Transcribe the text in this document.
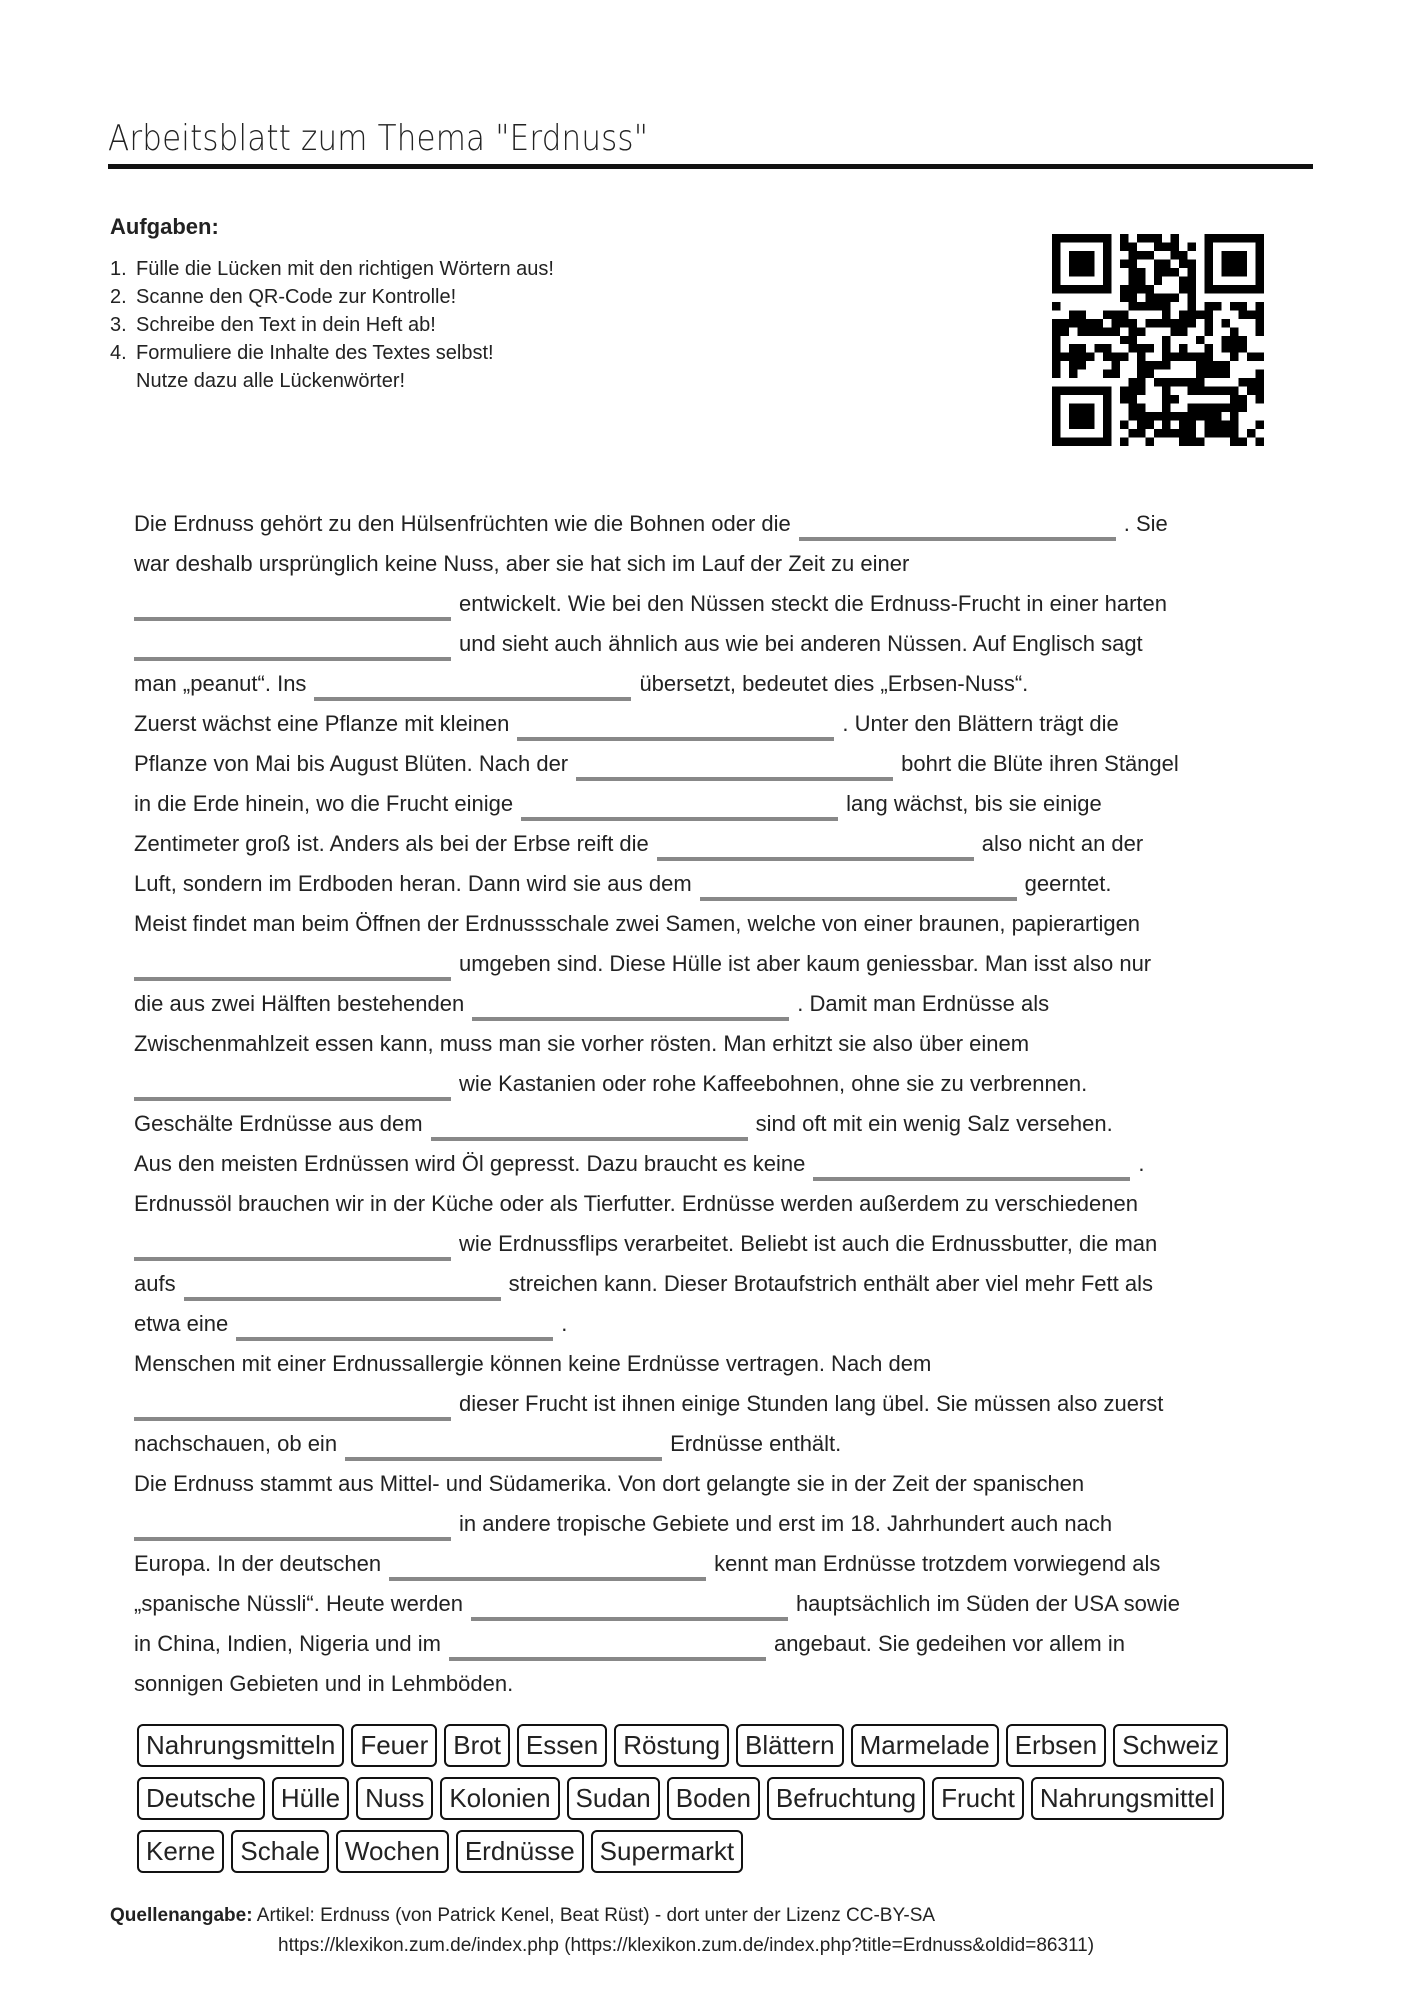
Arbeitsblatt zum Thema "Erdnuss"
Aufgaben:
1. Fülle die Lücken mit den richtigen Wörtern aus!
2. Scanne den QR-Code zur Kontrolle!
3. Schreibe den Text in dein Heft ab!
4. Formuliere die Inhalte des Textes selbst!
Nutze dazu alle Lückenwörter!
Die Erdnuss gehört zu den Hülsenfrüchten wie die Bohnen oder die	. Sie
war deshalb ursprünglich keine Nuss, aber sie hat sich im Lauf der Zeit zu einer
entwickelt. Wie bei den Nüssen steckt die Erdnuss-Frucht in einer harten
und sieht auch ähnlich aus wie bei anderen Nüssen. Auf Englisch sagt
man „peanut“. Ins	übersetzt, bedeutet dies „Erbsen-Nuss“.
Zuerst wächst eine Pflanze mit kleinen	. Unter den Blättern trägt die
Pflanze von Mai bis August Blüten. Nach der	bohrt die Blüte ihren Stängel
in die Erde hinein, wo die Frucht einige	lang wächst, bis sie einige
Zentimeter groß ist. Anders als bei der Erbse reift die	also nicht an der
Luft, sondern im Erdboden heran. Dann wird sie aus dem	geerntet.
Meist findet man beim Öffnen der Erdnussschale zwei Samen, welche von einer braunen, papierartigen
umgeben sind. Diese Hülle ist aber kaum geniessbar. Man isst also nur
die aus zwei Hälften bestehenden	. Damit man Erdnüsse als
Zwischenmahlzeit essen kann, muss man sie vorher rösten. Man erhitzt sie also über einem
wie Kastanien oder rohe Kaffeebohnen, ohne sie zu verbrennen.
Geschälte Erdnüsse aus dem	sind oft mit ein wenig Salz versehen.
Aus den meisten Erdnüssen wird Öl gepresst. Dazu braucht es keine	.
Erdnussöl brauchen wir in der Küche oder als Tierfutter. Erdnüsse werden außerdem zu verschiedenen
wie Erdnussflips verarbeitet. Beliebt ist auch die Erdnussbutter, die man
aufs	streichen kann. Dieser Brotaufstrich enthält aber viel mehr Fett als
etwa eine	.
Menschen mit einer Erdnussallergie können keine Erdnüsse vertragen. Nach dem
dieser Frucht ist ihnen einige Stunden lang übel. Sie müssen also zuerst
nachschauen, ob ein	Erdnüsse enthält.
Die Erdnuss stammt aus Mittel- und Südamerika. Von dort gelangte sie in der Zeit der spanischen
in andere tropische Gebiete und erst im 18. Jahrhundert auch nach
Europa. In der deutschen	kennt man Erdnüsse trotzdem vorwiegend als
„spanische Nüssli“. Heute werden	hauptsächlich im Süden der USA sowie
in China, Indien, Nigeria und im	angebaut. Sie gedeihen vor allem in
sonnigen Gebieten und in Lehmböden.
Nahrungsmitteln Feuer Brot Essen Röstung Blättern Marmelade Erbsen Schweiz
Deutsche Hülle Nuss Kolonien Sudan Boden Befruchtung Frucht Nahrungsmittel
Kerne Schale Wochen Erdnüsse Supermarkt
Quellenangabe: Artikel: Erdnuss (von Patrick Kenel, Beat Rüst) - dort unter der Lizenz CC-BY-SA
https://klexikon.zum.de/index.php (https://klexikon.zum.de/index.php?title=Erdnuss&oldid=86311)
